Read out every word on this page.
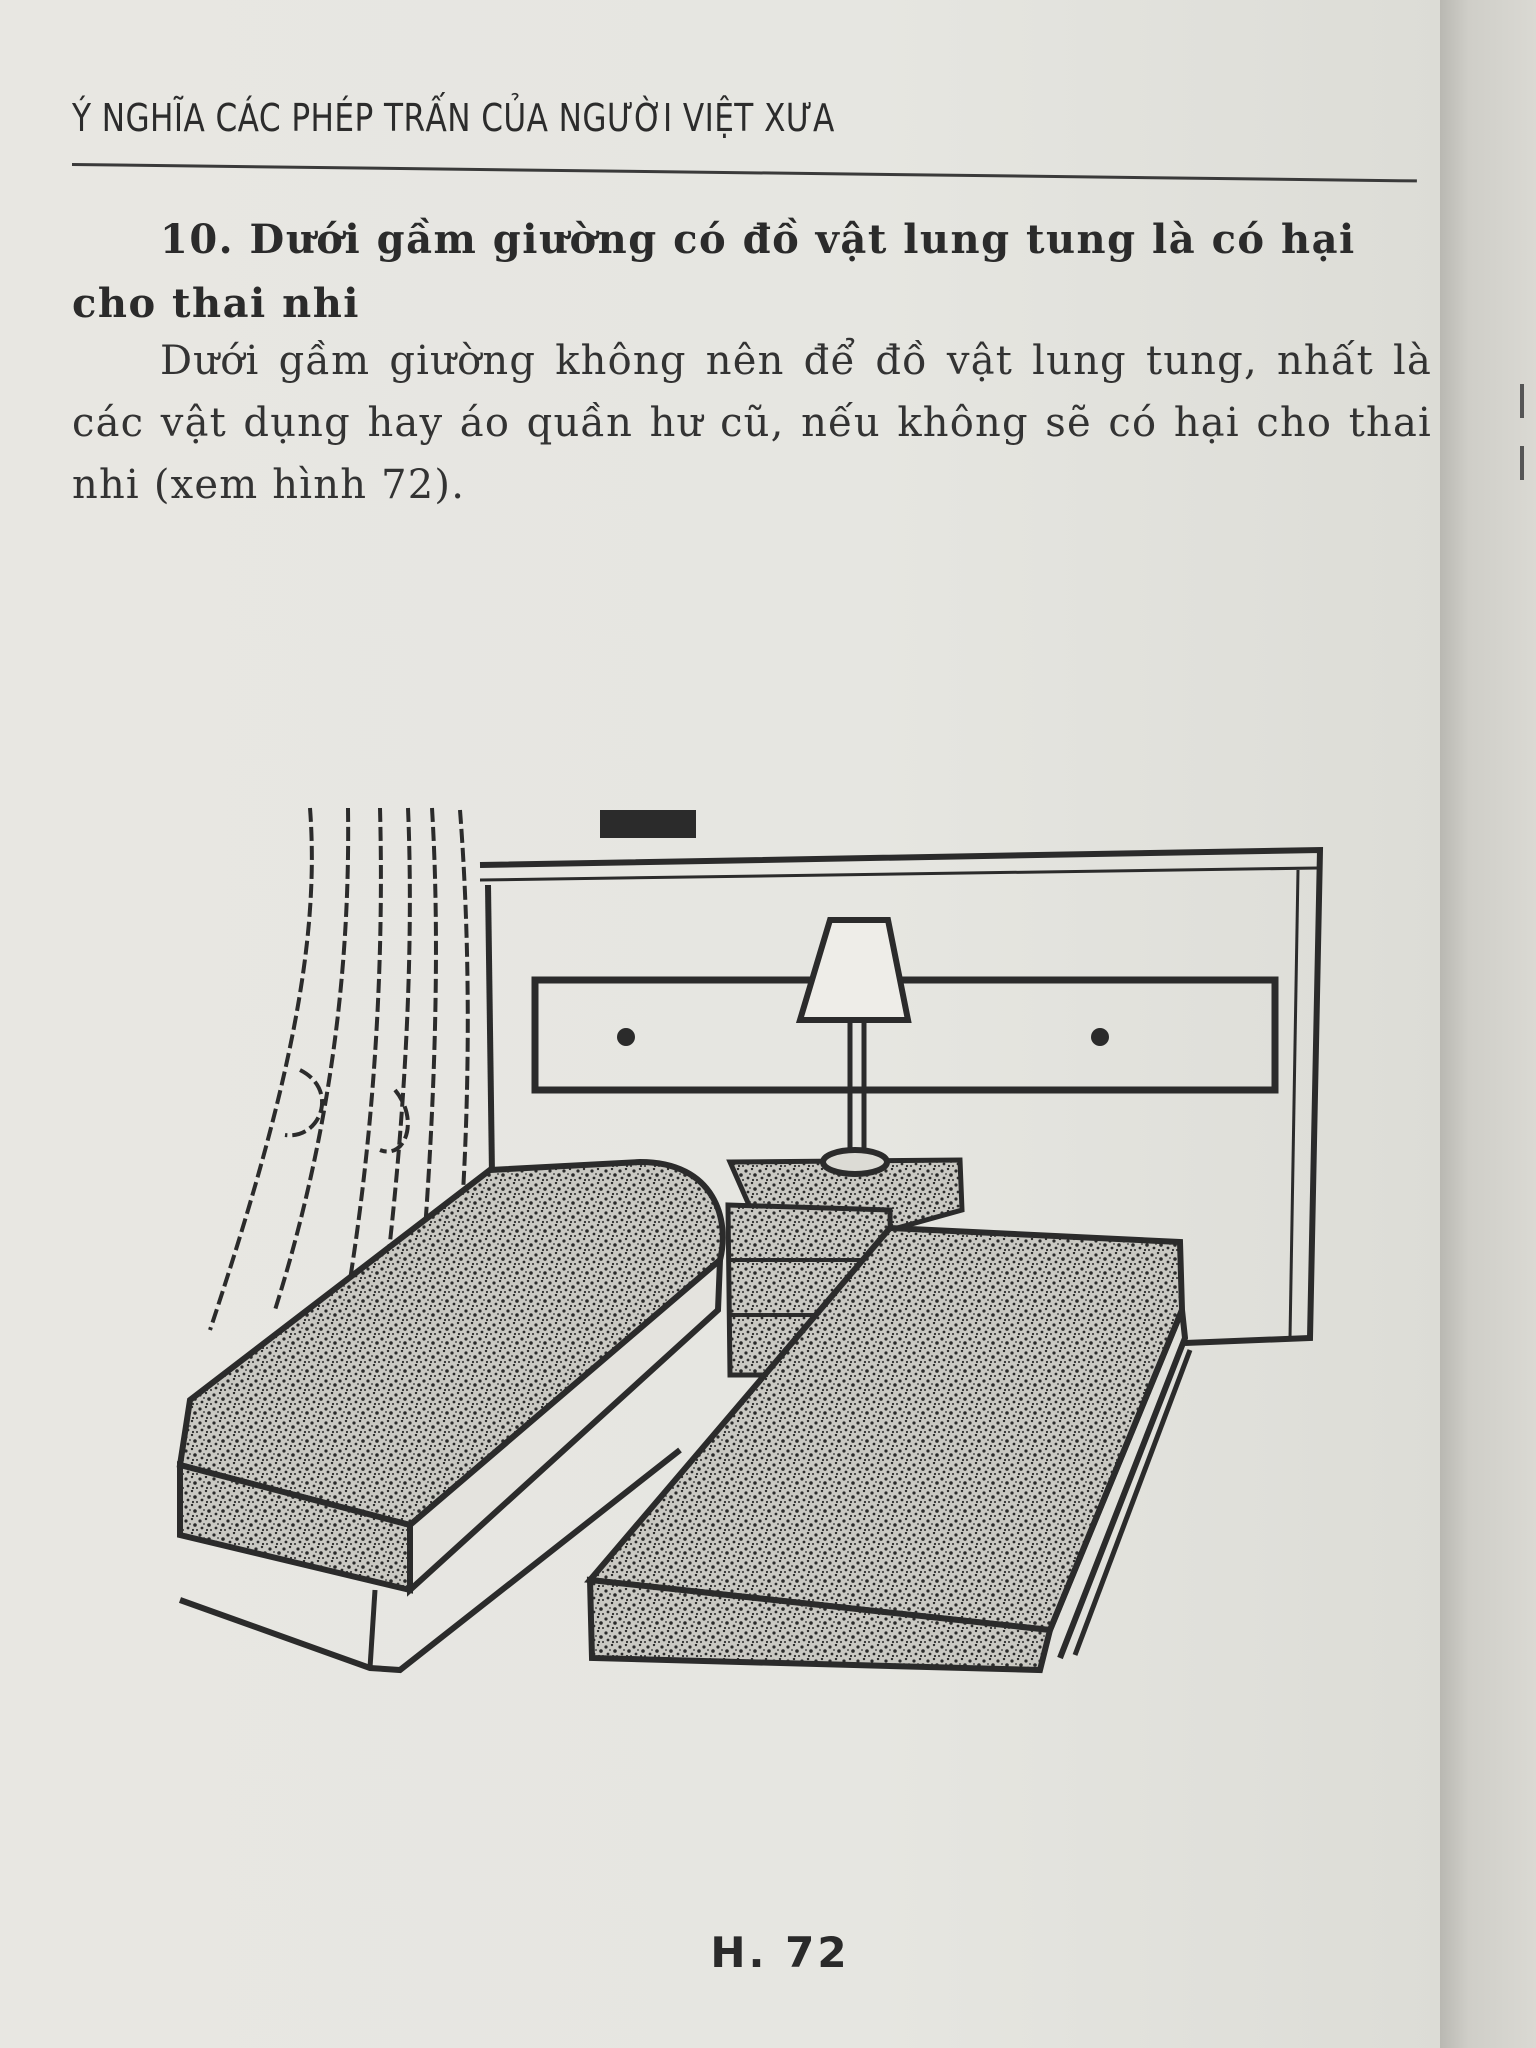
Ý NGHĨA CÁC PHÉP TRẤN CỦA NGƯỜI VIỆT XƯA
10. Dưới gầm giường có đồ vật lung tung là có hại cho thai nhi
Dưới gầm giường không nên để đồ vật lung tung, nhất là các vật dụng hay áo quần hư cũ, nếu không sẽ có hại cho thai nhi (xem hình 72).
H. 72
